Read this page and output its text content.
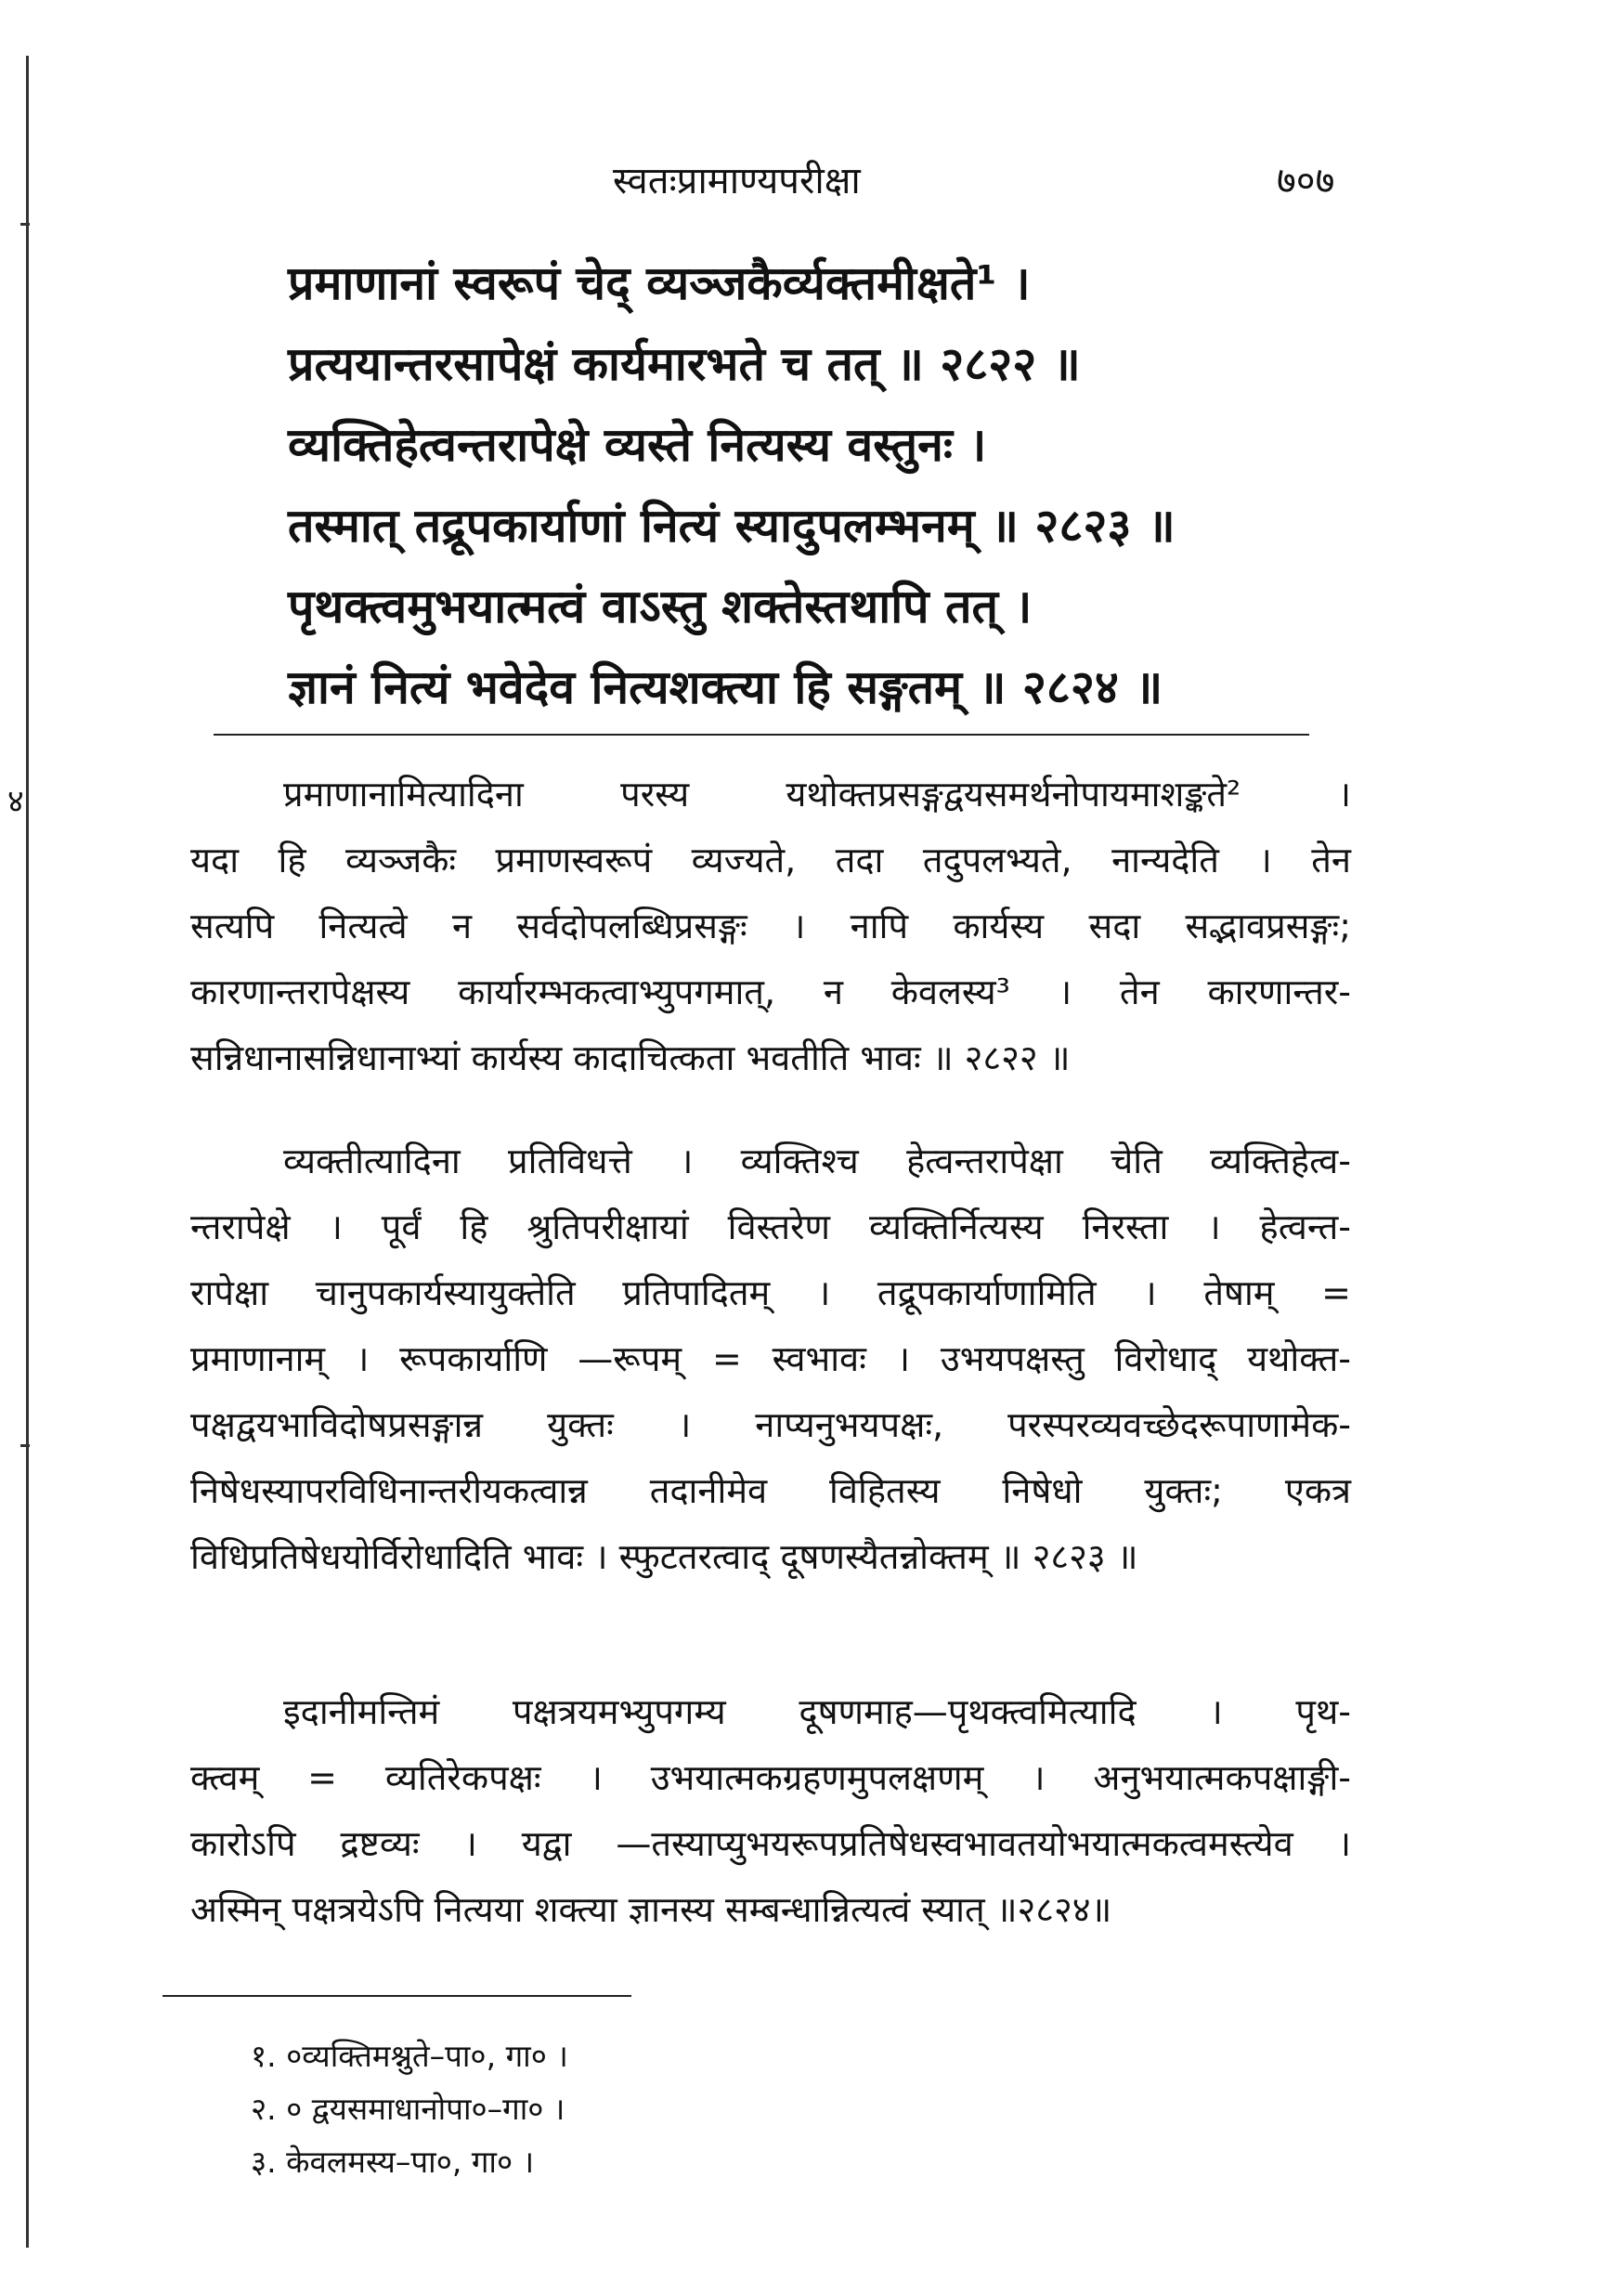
४
स्वतःप्रामाण्यपरीक्षा	७०७
प्रमाणानां स्वरूपं चेद् व्यञ्जकैर्व्यक्तमीक्षते¹ ।
प्रत्ययान्तरसापेक्षं कार्यमारभते च तत् ॥ २८२२ ॥
व्यक्तिहेत्वन्तरापेक्षे व्यस्ते नित्यस्य वस्तुनः ।
तस्मात् तद्रूपकार्याणां नित्यं स्यादुपलम्भनम् ॥ २८२३ ॥
पृथक्त्वमुभयात्मत्वं वाऽस्तु शक्तेस्तथापि तत् ।
ज्ञानं नित्यं भवेदेव नित्यशक्त्या हि सङ्गतम् ॥ २८२४ ॥
प्रमाणानामित्यादिना परस्य यथोक्तप्रसङ्गद्वयसमर्थनोपायमाशङ्कते² ।
यदा हि व्यञ्जकैः प्रमाणस्वरूपं व्यज्यते, तदा तदुपलभ्यते, नान्यदेति । तेन
सत्यपि नित्यत्वे न सर्वदोपलब्धिप्रसङ्गः । नापि कार्यस्य सदा सद्भावप्रसङ्गः;
कारणान्तरापेक्षस्य कार्यारम्भकत्वाभ्युपगमात्, न केवलस्य³ । तेन कारणान्तर-
सन्निधानासन्निधानाभ्यां कार्यस्य कादाचित्कता भवतीति भावः ॥ २८२२ ॥
व्यक्तीत्यादिना प्रतिविधत्ते । व्यक्तिश्च हेत्वन्तरापेक्षा चेति व्यक्तिहेत्व-
न्तरापेक्षे । पूर्वं हि श्रुतिपरीक्षायां विस्तरेण व्यक्तिर्नित्यस्य निरस्ता । हेत्वन्त-
रापेक्षा चानुपकार्यस्यायुक्तेति प्रतिपादितम् । तद्रूपकार्याणामिति । तेषाम् =
प्रमाणानाम् । रूपकार्याणि —रूपम् = स्वभावः । उभयपक्षस्तु विरोधाद् यथोक्त-
पक्षद्वयभाविदोषप्रसङ्गान्न युक्तः । नाप्यनुभयपक्षः, परस्परव्यवच्छेदरूपाणामेक-
निषेधस्यापरविधिनान्तरीयकत्वान्न तदानीमेव विहितस्य निषेधो युक्तः; एकत्र
विधिप्रतिषेधयोर्विरोधादिति भावः । स्फुटतरत्वाद् दूषणस्यैतन्नोक्तम् ॥ २८२३ ॥
इदानीमन्तिमं पक्षत्रयमभ्युपगम्य दूषणमाह—पृथक्त्वमित्यादि । पृथ-
क्त्वम् = व्यतिरेकपक्षः । उभयात्मकग्रहणमुपलक्षणम् । अनुभयात्मकपक्षाङ्गी-
कारोऽपि द्रष्टव्यः । यद्वा —तस्याप्युभयरूपप्रतिषेधस्वभावतयोभयात्मकत्वमस्त्येव ।
अस्मिन् पक्षत्रयेऽपि नित्यया शक्त्या ज्ञानस्य सम्बन्धान्नित्यत्वं स्यात् ॥२८२४॥
१. ०व्यक्तिमश्नुते–पा०, गा० ।
२. ० द्वयसमाधानोपा०–गा० ।
३. केवलमस्य–पा०, गा० ।
